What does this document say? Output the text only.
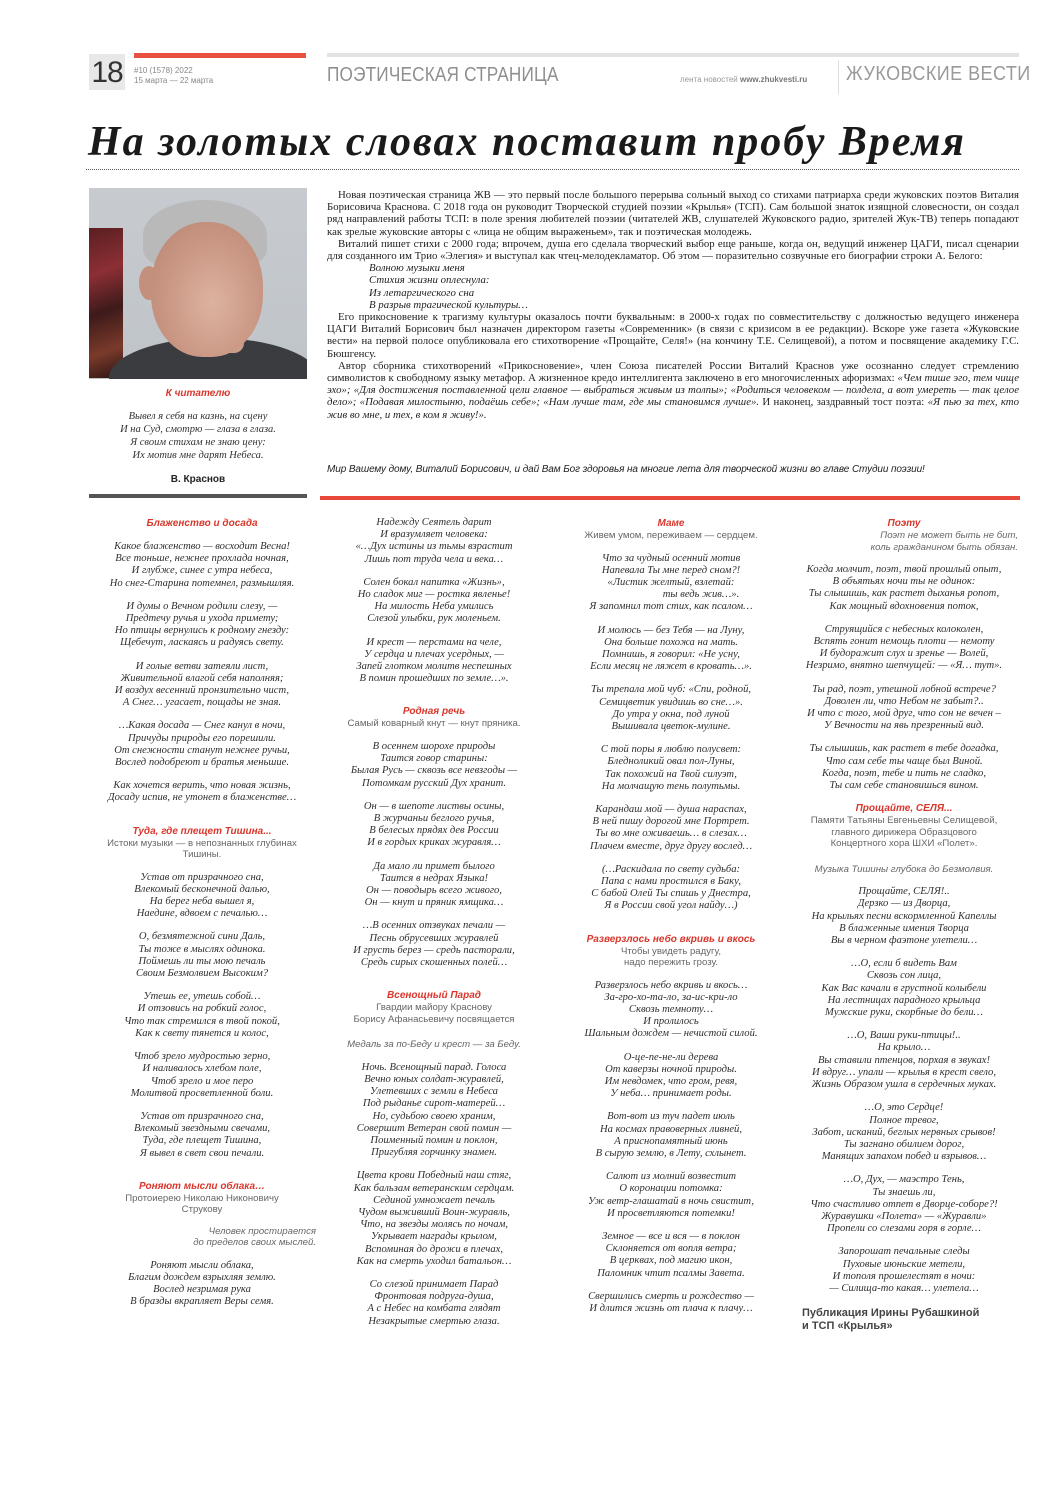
18 #10 (1578) 2022
15 марта — 22 марта	ПОЭТИЧЕСКАЯ СТРАНИЦА	лента новостей www.zhukvesti.ru ЖУКОВСКИЕ ВЕСТИ
На золотых словах поставит пробу Время
К читателю
Вывел я себя на казнь, на сцену
И на Суд, смотрю — глаза в глаза.
Я своим стихам не знаю цену:
Их мотив мне дарят Небеса.
В. Краснов

Новая поэтическая страница ЖВ — это первый после большого перерыва сольный выход со стихами патриарха среди жуковских поэтов Виталия Борисовича Краснова. С 2018 года он руководит Творческой студией поэзии «Крылья» (ТСП). Сам большой знаток изящной словесности, он создал ряд направлений работы ТСП: в поле зрения любителей поэзии (читателей ЖВ, слушателей Жуковского радио, зрителей Жук-ТВ) теперь попадают как зрелые жуковские авторы с «лица не общим выраженьем», так и поэтическая молодежь.

Виталий пишет стихи с 2000 года; впрочем, душа его сделала творческий выбор еще раньше, когда он, ведущий инженер ЦАГИ, писал сценарии для созданного им Трио «Элегия» и выступал как чтец-мелодекламатор. Об этом — поразительно созвучные его биографии строки А. Белого:

Волною музыки меня
Стихия жизни оплеснула:
Из летаргического сна
В разрыв трагической культуры…

Его прикосновение к трагизму культуры оказалось почти буквальным: в 2000-х годах по совместительству с должностью ведущего инженера ЦАГИ Виталий Борисович был назначен директором газеты «Современник» (в связи с кризисом в ее редакции). Вскоре уже газета «Жуковские вести» на первой полосе опубликовала его стихотворение «Прощайте, Селя!» (на кончину Т.Е. Селищевой), а потом и посвящение академику Г.С. Бюшгенсу.

Автор сборника стихотворений «Прикосновение», член Союза писателей России Виталий Краснов уже осознанно следует стремлению символистов к свободному языку метафор. А жизненное кредо интеллигента заключено в его многочисленных афоризмах: «Чем тише эго, тем чище эхо»; «Для достижения поставленной цели главное — выбраться живым из толпы»; «Родиться человеком — полдела, а вот умереть — так целое дело»; «Подавая милостыню, подаёшь себе»; «Нам лучше там, где мы становимся лучше». И наконец, заздравный тост поэта: «Я пью за тех, кто жив во мне, и тех, в ком я живу!».

Мир Вашему дому, Виталий Борисович, и дай Вам Бог здоровья на многие лета для творческой жизни во главе Студии поэзии!
Блаженство и досада
Какое блаженство — восходит Весна!
Все тоньше, нежнее прохлада ночная,
И глубже, синее с утра небеса,
Но снег-Старина потемнел, размышляя.
И думы о Вечном родили слезу, —
Предтечу ручья и ухода примету;
Но птицы вернулись к родному гнезду:
Щебечут, ласкаясь и радуясь свету.
И голые ветви затеяли лист,
Живительной влагой себя наполняя;
И воздух весенний пронзительно чист,
А Снег… угасает, пощады не зная.
…Какая досада — Снег канул в ночи,
Причуды природы его порешили.
От снежности станут нежнее ручьи,
Вослед подобреют и братья меньшие.
Как хочется верить, что новая жизнь,
Досаду испив, не утонет в блаженстве…
Туда, где плещет Тишина...
Истоки музыки — в непознанных глубинах Тишины.
Устав от призрачного сна,
Влекомый бесконечной далью,
На берег неба вышел я,
Наедине, вдвоем с печалью…
О, безмятежной сини Даль,
Ты тоже в мыслях одинока.
Поймешь ли ты мою печаль
Своим Безмолвием Высоким?
Утешь ее, утешь собой…
И отзовись на робкий голос,
Что так стремился в твой покой,
Как к свету тянется и колос,
Чтоб зрело мудростью зерно,
И наливалось хлебом поле,
Чтоб зрело и мое перо
Молитвой просветленной боли.
Устав от призрачного сна,
Влекомый звездными свечами,
Туда, где плещет Тишина,
Я вывел в свет свои печали.
Роняют мысли облака…
Протоиерею Николаю Никоновичу
Струкову
Человек простирается
до пределов своих мыслей.
Роняют мысли облака,
Благим дождем взрыхляя землю.
Вослед незримая рука
В бразды вкрапляет Веры семя.
Надежду Сеятель дарит
И вразумляет человека:
«…Дух истины из тьмы взрастит
Лишь пот труда чела и века…
Солен бокал напитка «Жизнь»,
Но сладок миг — ростка явленье!
На милость Неба умились
Слезой улыбки, рук моленьем.
И крест — перстами на челе,
У сердца и плечах усердных, —
Запей глотком молитв неспешных
В помин прошедших по земле…».
Родная речь
Самый коварный кнут — кнут пряника.
В осеннем шорохе природы
Таится говор старины:
Былая Русь — сквозь все невзгоды —
Потомкам русский Дух хранит.
Он — в шепоте листвы осины,
В журчаньи беглого ручья,
В белесых прядях дев России
И в гордых криках журавля…
Да мало ли примет былого
Таится в недрах Языка!
Он — поводырь всего живого,
Он — кнут и пряник ямщика…
…В осенних отзвуках печали —
Песнь обрусевших журавлей
И грусть берез — средь пасторали,
Средь сирых скошенных полей…
Всенощный Парад
Гвардии майору Краснову
Борису Афанасьевичу посвящается
Медаль за по-Беду и крест — за Беду.
Ночь. Всенощный парад. Голоса
Вечно юных солдат-журавлей,
Улетевших с земли в Небеса
Под рыданье сирот-матерей…
Но, судьбою своею храним,
Совершит Ветеран свой помин —
Поименный помин и поклон,
Пригубляя горчинку знамен.
Цвета крови Победный наш стяг,
Как бальзам ветеранским сердцам.
Сединой умножает печаль
Чудом выживший Воин-журавль,
Что, на звезды молясь по ночам,
Укрывает награды крылом,
Вспоминая до дрожи в плечах,
Как на смерть уходил батальон…
Со слезой принимает Парад
Фронтовая подруга-душа,
А с Небес на комбата глядят
Незакрытые смертью глаза.
Маме
Живем умом, переживаем — сердцем.
Что за чудный осенний мотив
Напевала Ты мне перед сном?!
«Листик желтый, взлетай:
ты ведь жив…».
Я запомнил тот стих, как псалом…
И молюсь — без Тебя — на Луну,
Она больше похожа на мать.
Помнишь, я говорил: «Не усну,
Если месяц не ляжет в кровать…».
Ты трепала мой чуб: «Спи, родной,
Семицветик увидишь во сне…».
До утра у окна, под луной
Вышивала цветок-мулине.
С той поры я люблю полусвет:
Бледноликий овал пол-Луны,
Так похожий на Твой силуэт,
На молчащую тень полутьмы.
Карандаш мой — душа нараспах,
В ней пишу дорогой мне Портрет.
Ты во мне оживаешь… в слезах…
Плачем вместе, друг другу вослед…
(…Раскидала по свету судьба:
Папа с нами простился в Баку,
С бабой Олей Ты спишь у Днестра,
Я в России свой угол найду…)
Разверзлось небо вкривь и вкось
Чтобы увидеть радугу,
надо пережить грозу.
Разверзлось небо вкривь и вкось…
За-гро-хо-та-ло, за-ис-кри-ло
Сквозь темноту…
И пролилось
Шальным дождем — нечистой силой.
О-це-пе-не-ли дерева
От каверзы ночной природы.
Им невдомек, что гром, ревя,
У неба… принимает роды.
Вот-вот из туч падет июль
На космах правоверных ливней,
А приснопамятный июнь
В сырую землю, в Лету, схлынет.
Салют из молний возвестит
О коронации потомка:
Уж ветр-глашатай в ночь свистит,
И просветляются потемки!
Земное — все и вся — в поклон
Склоняется от вопля ветра;
В церквах, под магию икон,
Паломник чтит псалмы Завета.
Свершились смерть и рождество —
И длится жизнь от плача к плачу…
Поэту
Поэт не может быть не бит,
коль гражданином быть обязан.
Когда молчит, поэт, твой прошлый опыт,
В объятьях ночи ты не одинок:
Ты слышишь, как растет дыханья ропот,
Как мощный вдохновения поток,
Струящийся с небесных колоколен,
Вспять гонит немощь плоти — немоту
И будоражит слух и зренье — Волей,
Незримо, внятно шепчущей: — «Я… тут».
Ты рад, поэт, утешной лобной встрече?
Доволен ли, что Небом не забыт?..
И что с того, мой друг, что сон не вечен –
У Вечности на явь презренный вид.
Ты слышишь, как растет в тебе догадка,
Что сам себе ты чаще был Виной.
Когда, поэт, тебе и пить не сладко,
Ты сам себе становишься вином.
Прощайте, СЕЛЯ...
Памяти Татьяны Евгеньевны Селищевой,
главного дирижера Образцового
Концертного хора ШХИ «Полет».
Музыка Тишины глубока до Безмолвия.
Прощайте, СЕЛЯ!..
Дерзко — из Дворца,
На крыльях песни вскормленной Капеллы
В блаженные имения Творца
Вы в черном фаэтоне улетели…
…О, если б видеть Вам
Сквозь сон лица,
Как Вас качали в грустной колыбели
На лестницах парадного крыльца
Мужские руки, скорбные до бели…
…О, Ваши руки-птицы!..
На крыло…
Вы ставили птенцов, порхая в звуках!
И вдруг… упали — крылья в крест свело,
Жизнь Образом ушла в сердечных муках.
…О, это Сердце!
Полное тревог,
Забот, исканий, беглых нервных срывов!
Ты загнано обилием дорог,
Манящих запахом побед и взрывов…
…О, Дух, — маэстро Тень,
Ты знаешь ли,
Что счастливо отпет в Дворце-соборе?!
Журавушки «Полета» — «Журавли»
Пропели со слезами горя в горле…
Запорошат печальные следы
Пуховые июньские метели,
И тополя прошелестят в ночи:
— Силища-то какая… улетела…
Публикация Ирины Рубашкиной
и ТСП «Крылья»
